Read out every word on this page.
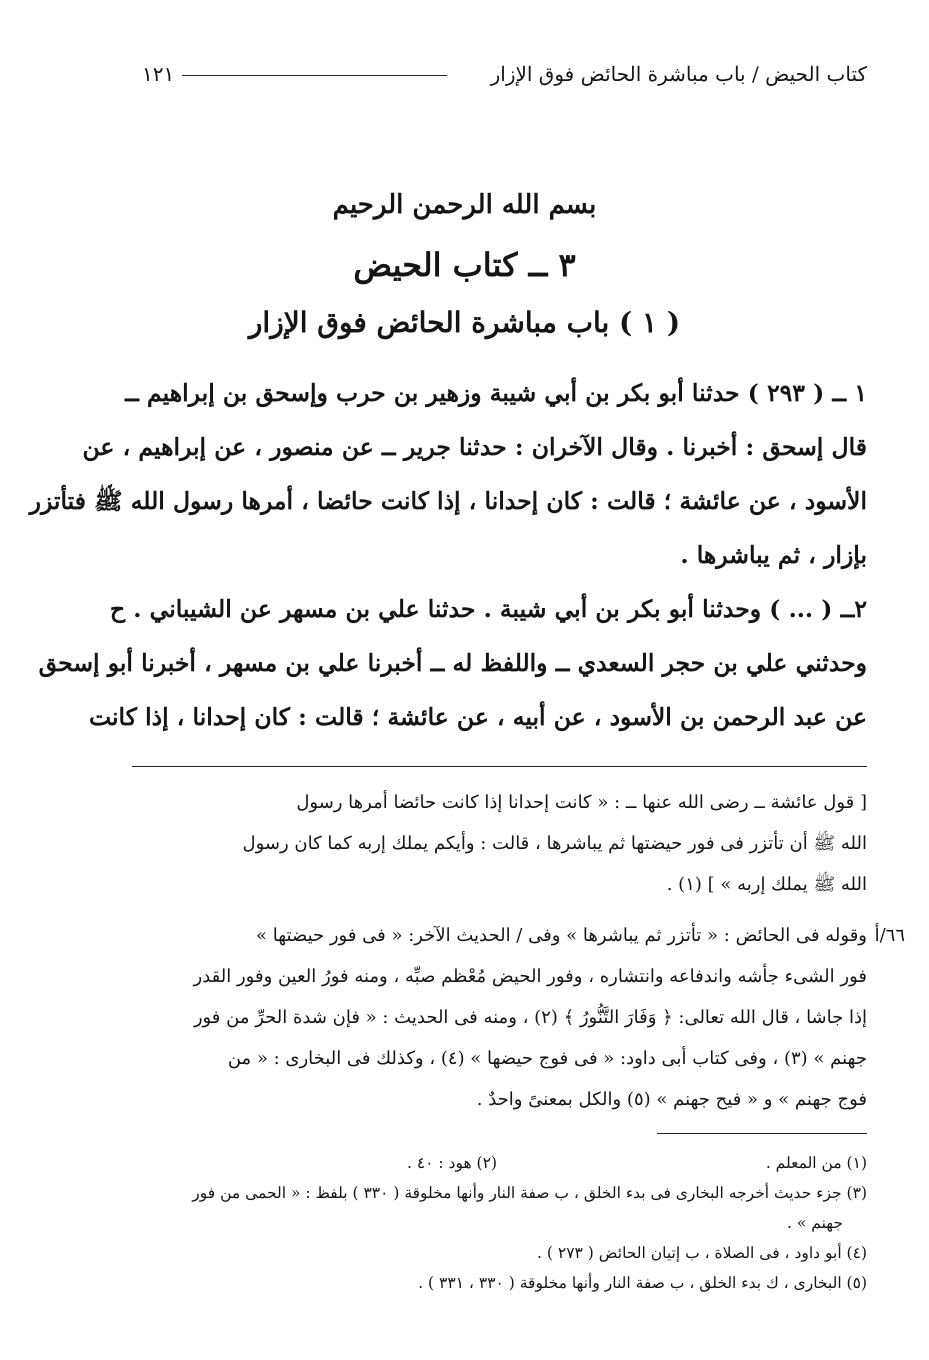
كتاب الحيض / باب مباشرة الحائض فوق الإزار
١٢١
بسم الله الرحمن الرحيم
٣ ــ كتاب الحيض
( ١ ) باب مباشرة الحائض فوق الإزار
١ ــ ( ٢٩٣ ) حدثنا أبو بكر بن أبي شيبة وزهير بن حرب وإسحق بن إبراهيم ــ
قال إسحق : أخبرنا . وقال الآخران : حدثنا جرير ــ عن منصور ، عن إبراهيم ، عن
الأسود ، عن عائشة ؛ قالت : كان إحدانا ، إذا كانت حائضا ، أمرها رسول الله ﷺ فتأتزر
بإزار ، ثم يباشرها .
٢ــ ( ... ) وحدثنا أبو بكر بن أبي شيبة . حدثنا علي بن مسهر عن الشيباني . ح
وحدثني علي بن حجر السعدي ــ واللفظ له ــ أخبرنا علي بن مسهر ، أخبرنا أبو إسحق
عن عبد الرحمن بن الأسود ، عن أبيه ، عن عائشة ؛ قالت : كان إحدانا ، إذا كانت
[ قول عائشة ــ رضى الله عنها ــ : « كانت إحدانا إذا كانت حائضا أمرها رسول
الله ﷺ أن تأتزر فى فور حيضتها ثم يباشرها ، قالت : وأيكم يملك إربه كما كان رسول
الله ﷺ يملك إربه » ] (١) .
٦٦/أ
وقوله فى الحائض : « تأتزر ثم يباشرها » وفى / الحديث الآخر: « فى فور حيضتها »
فور الشىء جأشه واندفاعه وانتشاره ، وفور الحيض مُعْظم صبِّه ، ومنه فورُ العين وفور القدر
إذا جاشا ، قال الله تعالى: ﴿ وَفَارَ التَّنُّورُ ﴾ (٢) ، ومنه فى الحديث : « فإن شدة الحرِّ من فور
جهنم » (٣) ، وفى كتاب أبى داود: « فى فوج حيضها » (٤) ، وكذلك فى البخارى : « من
فوج جهنم » و « فيح جهنم » (٥) والكل بمعنىً واحدٌ .
(١) من المعلم .
(٢) هود : ٤٠ .
(٣) جزء حديث أخرجه البخارى فى بدء الخلق ، ب صفة النار وأنها مخلوقة ( ٣٣٠ ) بلفظ : « الحمى من فور
جهنم » .
(٤) أبو داود ، فى الصلاة ، ب إتيان الحائض ( ٢٧٣ ) .
(٥) البخارى ، ك بدء الخلق ، ب صفة النار وأنها مخلوقة ( ٣٣٠ ، ٣٣١ ) .
